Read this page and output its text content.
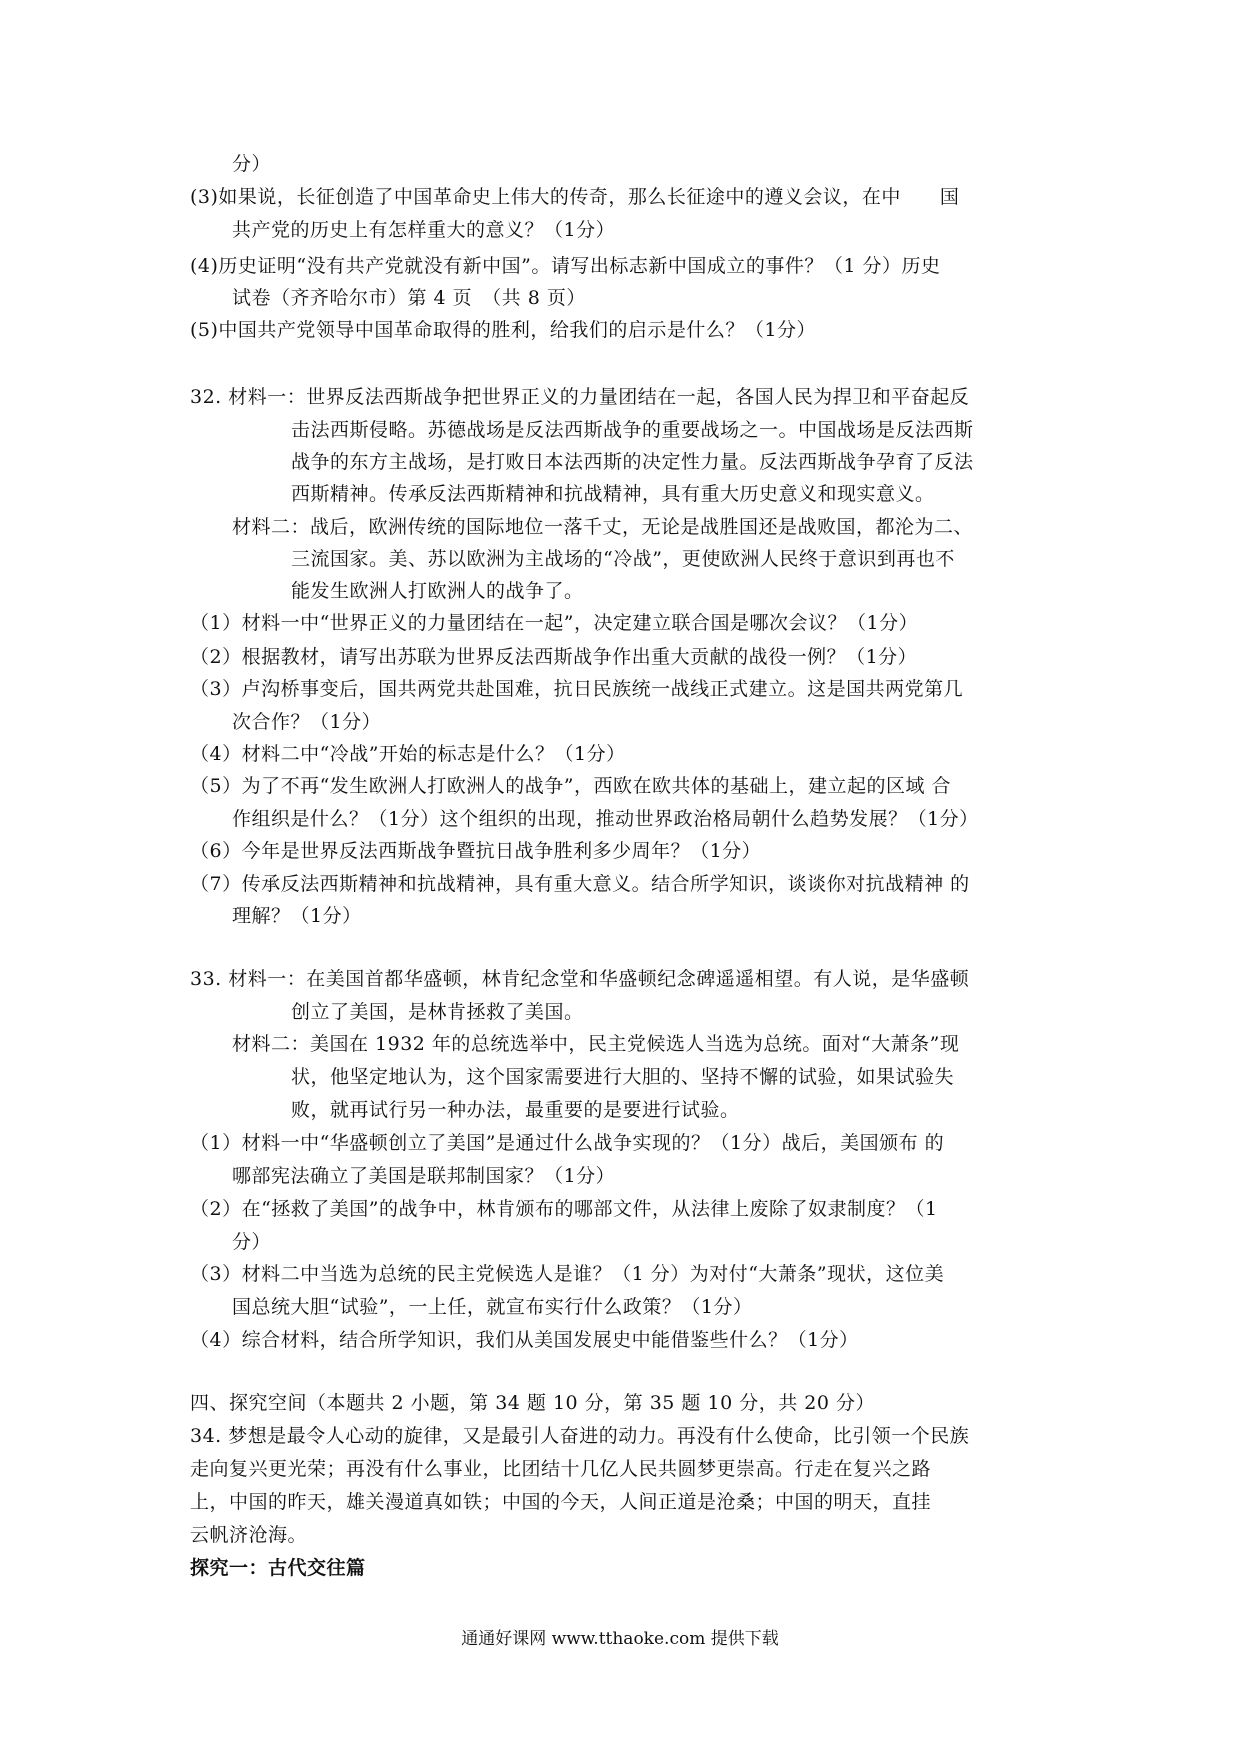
分）
(3)如果说，长征创造了中国革命史上伟大的传奇，那么长征途中的遵义会议，在中　　国
共产党的历史上有怎样重大的意义？（1分）
(4)历史证明“没有共产党就没有新中国”。请写出标志新中国成立的事件？（1 分）历史
试卷（齐齐哈尔市）第 4 页　（共 8 页）
(5)中国共产党领导中国革命取得的胜利，给我们的启示是什么？（1分）
32. 材料一：世界反法西斯战争把世界正义的力量团结在一起，各国人民为捍卫和平奋起反
击法西斯侵略。苏德战场是反法西斯战争的重要战场之一。中国战场是反法西斯
战争的东方主战场，是打败日本法西斯的决定性力量。反法西斯战争孕育了反法
西斯精神。传承反法西斯精神和抗战精神，具有重大历史意义和现实意义。
材料二：战后，欧洲传统的国际地位一落千丈，无论是战胜国还是战败国，都沦为二、
三流国家。美、苏以欧洲为主战场的“冷战”，更使欧洲人民终于意识到再也不
能发生欧洲人打欧洲人的战争了。
（1）材料一中“世界正义的力量团结在一起”，决定建立联合国是哪次会议？（1分）
（2）根据教材，请写出苏联为世界反法西斯战争作出重大贡献的战役一例？（1分）
（3）卢沟桥事变后，国共两党共赴国难，抗日民族统一战线正式建立。这是国共两党第几
次合作？（1分）
（4）材料二中“冷战”开始的标志是什么？（1分）
（5）为了不再“发生欧洲人打欧洲人的战争”，西欧在欧共体的基础上，建立起的区域 合
作组织是什么？（1分）这个组织的出现，推动世界政治格局朝什么趋势发展？（1分）
（6）今年是世界反法西斯战争暨抗日战争胜利多少周年？（1分）
（7）传承反法西斯精神和抗战精神，具有重大意义。结合所学知识，谈谈你对抗战精神 的
理解？（1分）
33. 材料一：在美国首都华盛顿，林肯纪念堂和华盛顿纪念碑遥遥相望。有人说，是华盛顿
创立了美国，是林肯拯救了美国。
材料二：美国在 1932 年的总统选举中，民主党候选人当选为总统。面对“大萧条”现
状，他坚定地认为，这个国家需要进行大胆的、坚持不懈的试验，如果试验失
败，就再试行另一种办法，最重要的是要进行试验。
（1）材料一中“华盛顿创立了美国”是通过什么战争实现的？（1分）战后，美国颁布 的
哪部宪法确立了美国是联邦制国家？（1分）
（2）在“拯救了美国”的战争中，林肯颁布的哪部文件，从法律上废除了奴隶制度？（1
分）
（3）材料二中当选为总统的民主党候选人是谁？（1 分）为对付“大萧条”现状，这位美
国总统大胆“试验”，一上任，就宣布实行什么政策？（1分）
（4）综合材料，结合所学知识，我们从美国发展史中能借鉴些什么？（1分）
四、探究空间（本题共 2 小题，第 34 题 10 分，第 35 题 10 分，共 20 分）
34. 梦想是最令人心动的旋律，又是最引人奋进的动力。再没有什么使命，比引领一个民族
走向复兴更光荣；再没有什么事业，比团结十几亿人民共圆梦更崇高。行走在复兴之路
上，中国的昨天，雄关漫道真如铁；中国的今天，人间正道是沧桑；中国的明天，直挂
云帆济沧海。
探究一：古代交往篇
通通好课网 www.tthaoke.com 提供下载
